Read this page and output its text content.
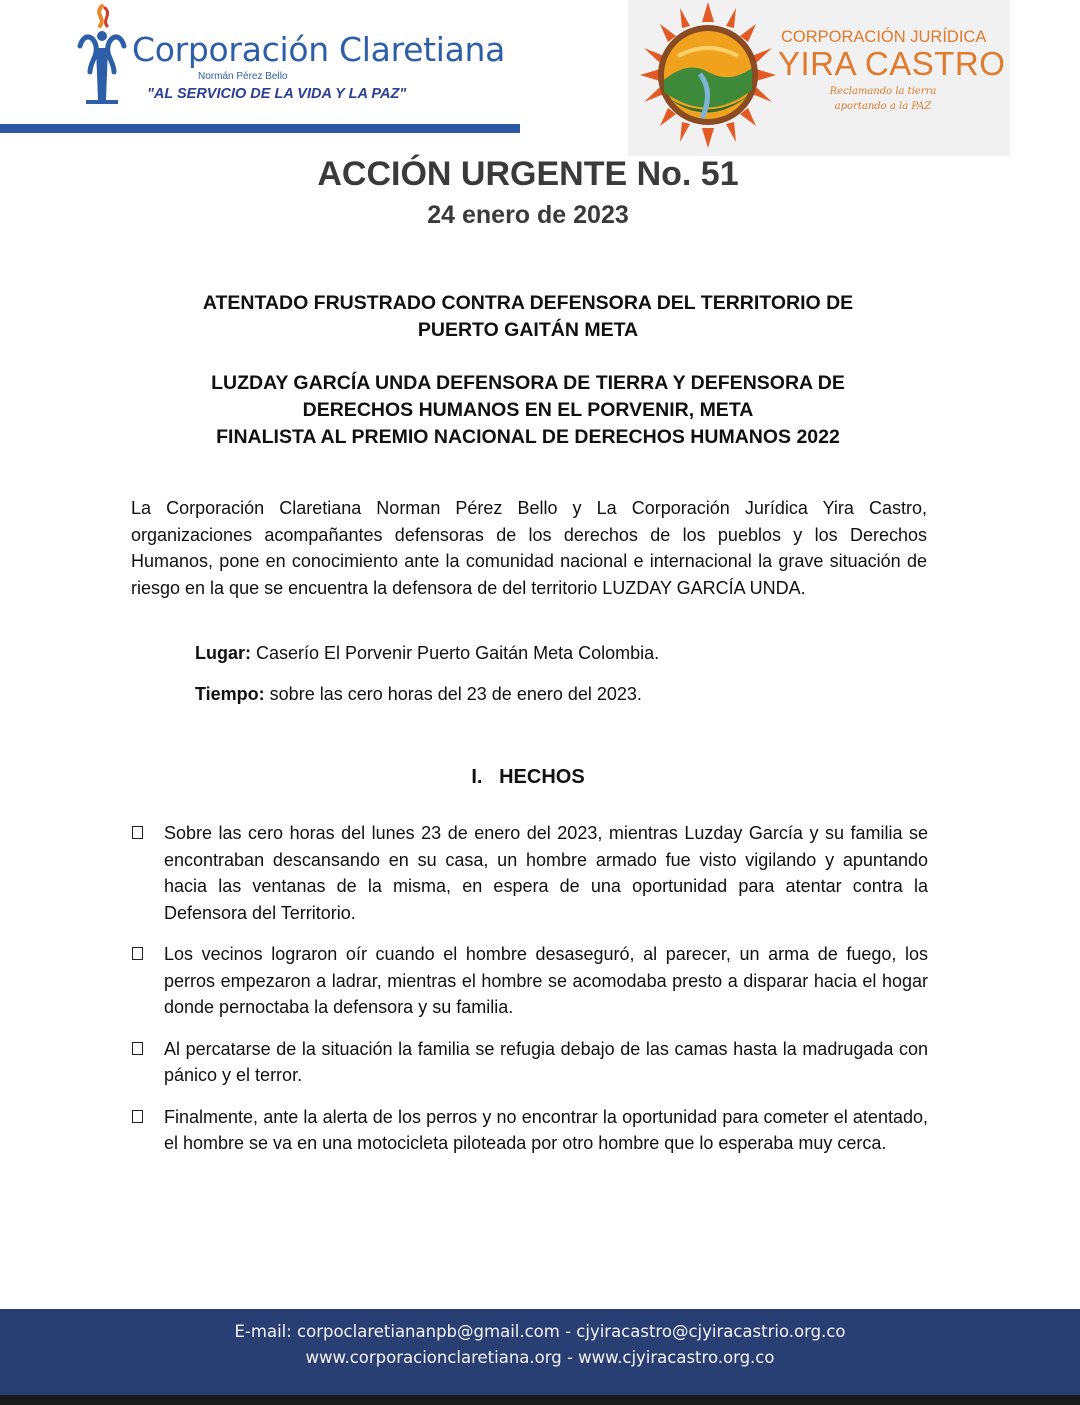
Corporación Claretiana
Normán Pérez Bello
"AL SERVICIO DE LA VIDA Y LA PAZ"
CORPORACIÓN JURÍDICA
YIRA CASTRO
Reclamando la tierra
aportando a la PAZ
ACCIÓN URGENTE No. 51
24 enero de 2023
ATENTADO FRUSTRADO CONTRA DEFENSORA DEL TERRITORIO DE
PUERTO GAITÁN META
LUZDAY GARCÍA UNDA DEFENSORA DE TIERRA Y DEFENSORA DE
DERECHOS HUMANOS EN EL PORVENIR, META
FINALISTA AL PREMIO NACIONAL DE DERECHOS HUMANOS 2022

La Corporación Claretiana Norman Pérez Bello y La Corporación Jurídica Yira Castro, organizaciones acompañantes defensoras de los derechos de los pueblos y los Derechos Humanos, pone en conocimiento ante la comunidad nacional e internacional la grave situación de riesgo en la que se encuentra la defensora de del territorio LUZDAY GARCÍA UNDA.

Lugar: Caserío El Porvenir Puerto Gaitán Meta Colombia.
Tiempo: sobre las cero horas del 23 de enero del 2023.
I.   HECHOS
Sobre las cero horas del lunes 23 de enero del 2023, mientras Luzday García y su familia se encontraban descansando en su casa, un hombre armado fue visto vigilando y apuntando hacia las ventanas de la misma, en espera de una oportunidad para atentar contra la Defensora del Territorio.
Los vecinos lograron oír cuando el hombre desaseguró, al parecer, un arma de fuego, los perros empezaron a ladrar, mientras el hombre se acomodaba presto a disparar hacia el hogar donde pernoctaba la defensora y su familia.
Al percatarse de la situación la familia se refugia debajo de las camas hasta la madrugada con pánico y el terror.
Finalmente, ante la alerta de los perros y no encontrar la oportunidad para cometer el atentado, el hombre se va en una motocicleta piloteada por otro hombre que lo esperaba muy cerca.
E-mail: corpoclaretiananpb@gmail.com - cjyiracastro@cjyiracastrio.org.co
www.corporacionclaretiana.org - www.cjyiracastro.org.co
